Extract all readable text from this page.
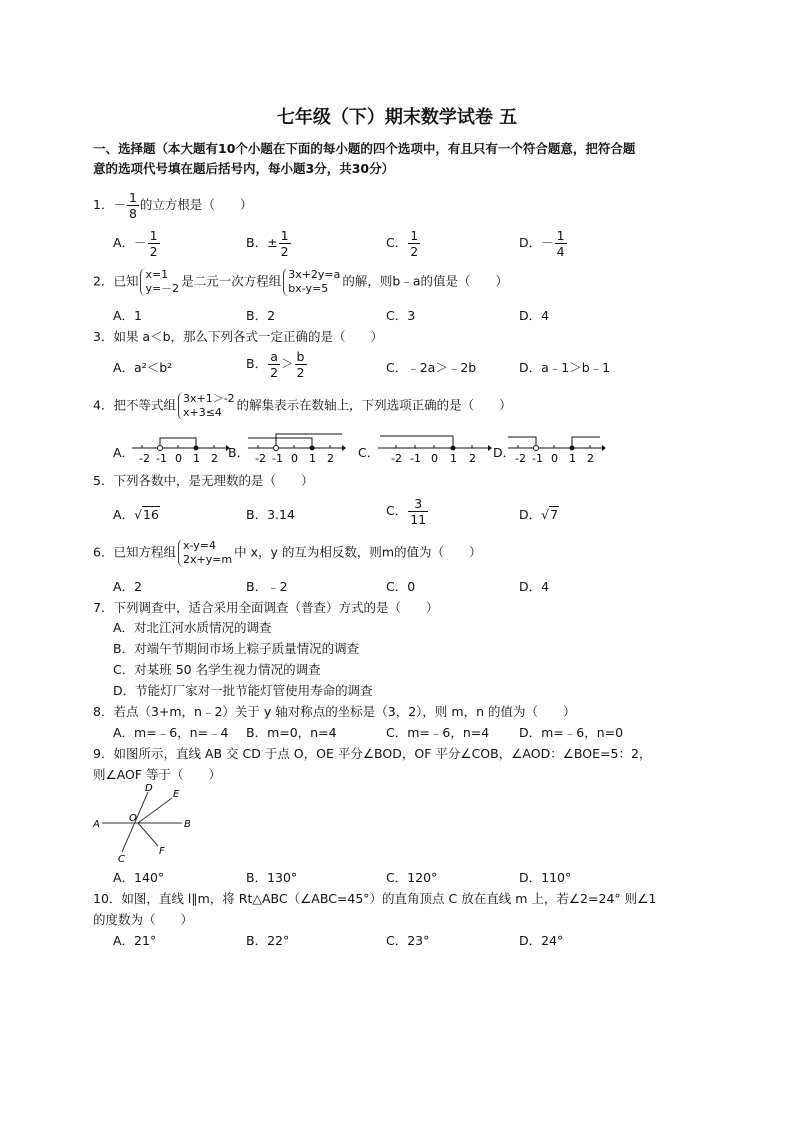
七年级（下）期末数学试卷 五
一、选择题（本大题有10个小题在下面的每小题的四个选项中，有且只有一个符合题意，把符合题
意的选项代号填在题后括号内，每小题3分，共30分）
1．－ $\frac{1}{8}$ 的立方根是（　　）
A．－ $\frac{1}{2}$	B．± $\frac{1}{2}$	C． $\frac{1}{2}$	D．－ $\frac{1}{4}$
2．已知 x=1
y=－2 是二元一次方程组 3x+2y=a
bx-y=5	的解，则b﹣a的值是（　　）
A．1	B．2	C．3	D．4
3．如果 a＜b，那么下列各式一定正确的是（　　）
A．a²＜b²	B． $\frac{a}{2} > \frac{b}{2}$	C．﹣2a＞﹣2b	D．a﹣1＞b﹣1
4．把不等式组 3x+1＞-2
x+3≤4	的解集表示在数轴上，下列选项正确的是（　　）
A． -2 -1 0 1 2 B． -2 -1 0 1 2 C． -2 -1 0 1 2 D． -2 -1 0 1 2
5．下列各数中，是无理数的是（　　）
A．√16	B．3.14	C． $\frac{3}{11}$	D．√7
6．已知方程组 x-y=4
2x+y=m 中 x，y 的互为相反数，则m的值为（　　）
A．2	B．﹣2	C．0	D．4
7．下列调查中，适合采用全面调查（普查）方式的是（　　）
A．对北江河水质情况的调查
B．对端午节期间市场上粽子质量情况的调查
C．对某班 50 名学生视力情况的调查
D．节能灯厂家对一批节能灯管使用寿命的调查
8．若点（3+m，n﹣2）关于 y 轴对称点的坐标是（3，2），则 m，n 的值为（　　）
A．m=﹣6，n=﹣4 B．m=0，n=4	C．m=﹣6，n=4 D．m=﹣6，n=0
9．如图所示，直线 AB 交 CD 于点 O，OE 平分∠BOD，OF 平分∠COB，∠AOD：∠BOE=5：2，
则∠AOF 等于（　　）
A	B
C
D
E
F
O
A．140°	B．130°	C．120°	D．110°
10．如图，直线 l∥m，将 Rt△ABC（∠ABC=45°）的直角顶点 C 放在直线 m 上，若∠2=24° 则∠1
的度数为（　　）
A．21°	B．22°	C．23°	D．24°
